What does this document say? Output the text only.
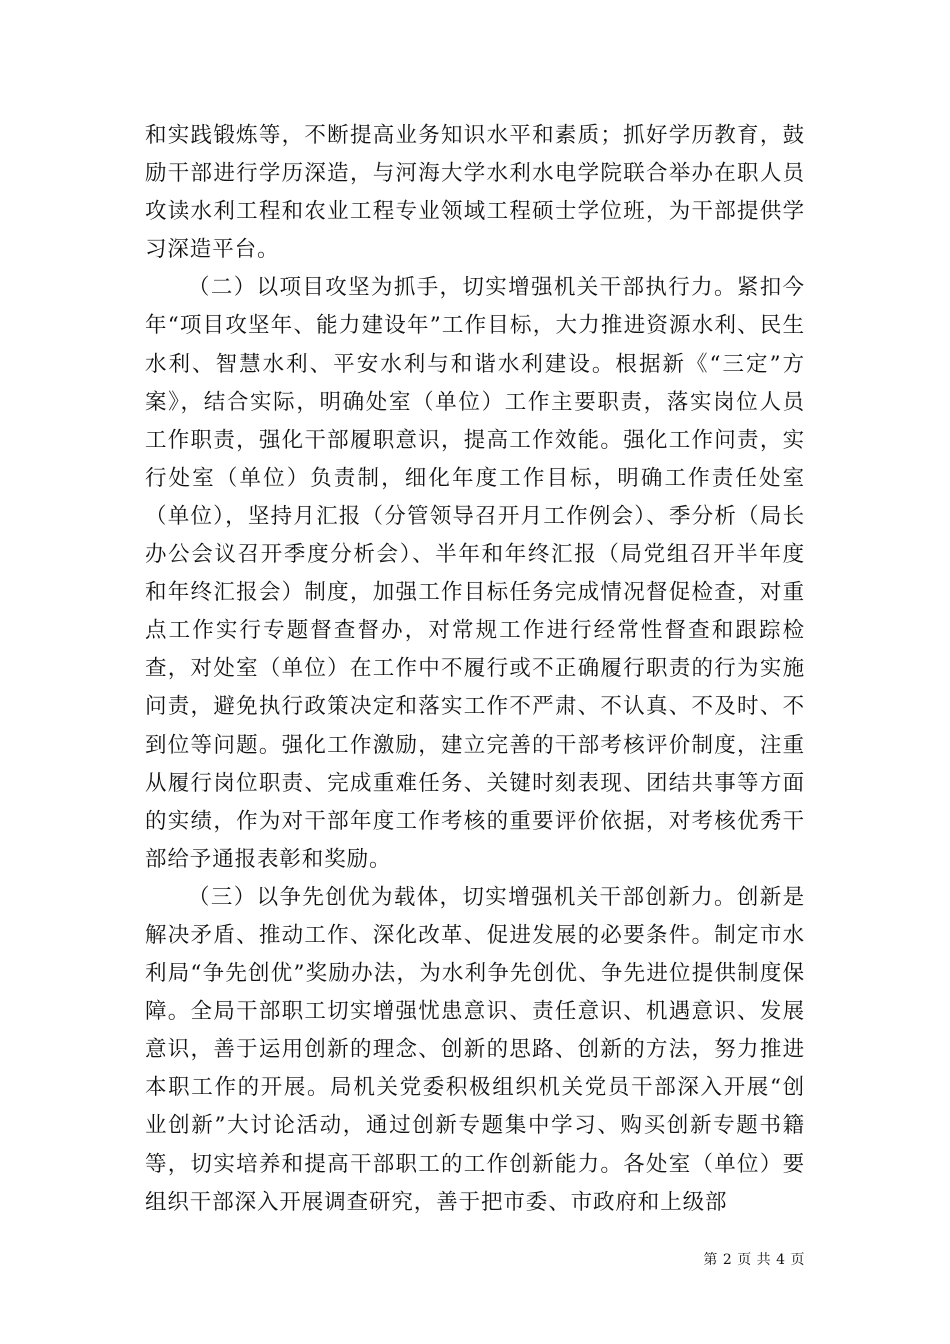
和实践锻炼等，不断提高业务知识水平和素质；抓好学历教育，鼓励干部进行学历深造，与河海大学水利水电学院联合举办在职人员攻读水利工程和农业工程专业领域工程硕士学位班，为干部提供学习深造平台。

（二）以项目攻坚为抓手，切实增强机关干部执行力。紧扣今年“项目攻坚年、能力建设年”工作目标，大力推进资源水利、民生水利、智慧水利、平安水利与和谐水利建设。根据新《“三定”方案》，结合实际，明确处室（单位）工作主要职责，落实岗位人员工作职责，强化干部履职意识，提高工作效能。强化工作问责，实行处室（单位）负责制，细化年度工作目标，明确工作责任处室（单位），坚持月汇报（分管领导召开月工作例会）、季分析（局长办公会议召开季度分析会）、半年和年终汇报（局党组召开半年度和年终汇报会）制度，加强工作目标任务完成情况督促检查，对重点工作实行专题督查督办，对常规工作进行经常性督查和跟踪检查，对处室（单位）在工作中不履行或不正确履行职责的行为实施问责，避免执行政策决定和落实工作不严肃、不认真、不及时、不到位等问题。强化工作激励，建立完善的干部考核评价制度，注重从履行岗位职责、完成重难任务、关键时刻表现、团结共事等方面的实绩，作为对干部年度工作考核的重要评价依据，对考核优秀干部给予通报表彰和奖励。

（三）以争先创优为载体，切实增强机关干部创新力。创新是解决矛盾、推动工作、深化改革、促进发展的必要条件。制定市水利局“争先创优”奖励办法，为水利争先创优、争先进位提供制度保障。全局干部职工切实增强忧患意识、责任意识、机遇意识、发展意识，善于运用创新的理念、创新的思路、创新的方法，努力推进本职工作的开展。局机关党委积极组织机关党员干部深入开展“创业创新”大讨论活动，通过创新专题集中学习、购买创新专题书籍等，切实培养和提高干部职工的工作创新能力。各处室（单位）要组织干部深入开展调查研究，善于把市委、市政府和上级部

第 2 页 共 4 页
